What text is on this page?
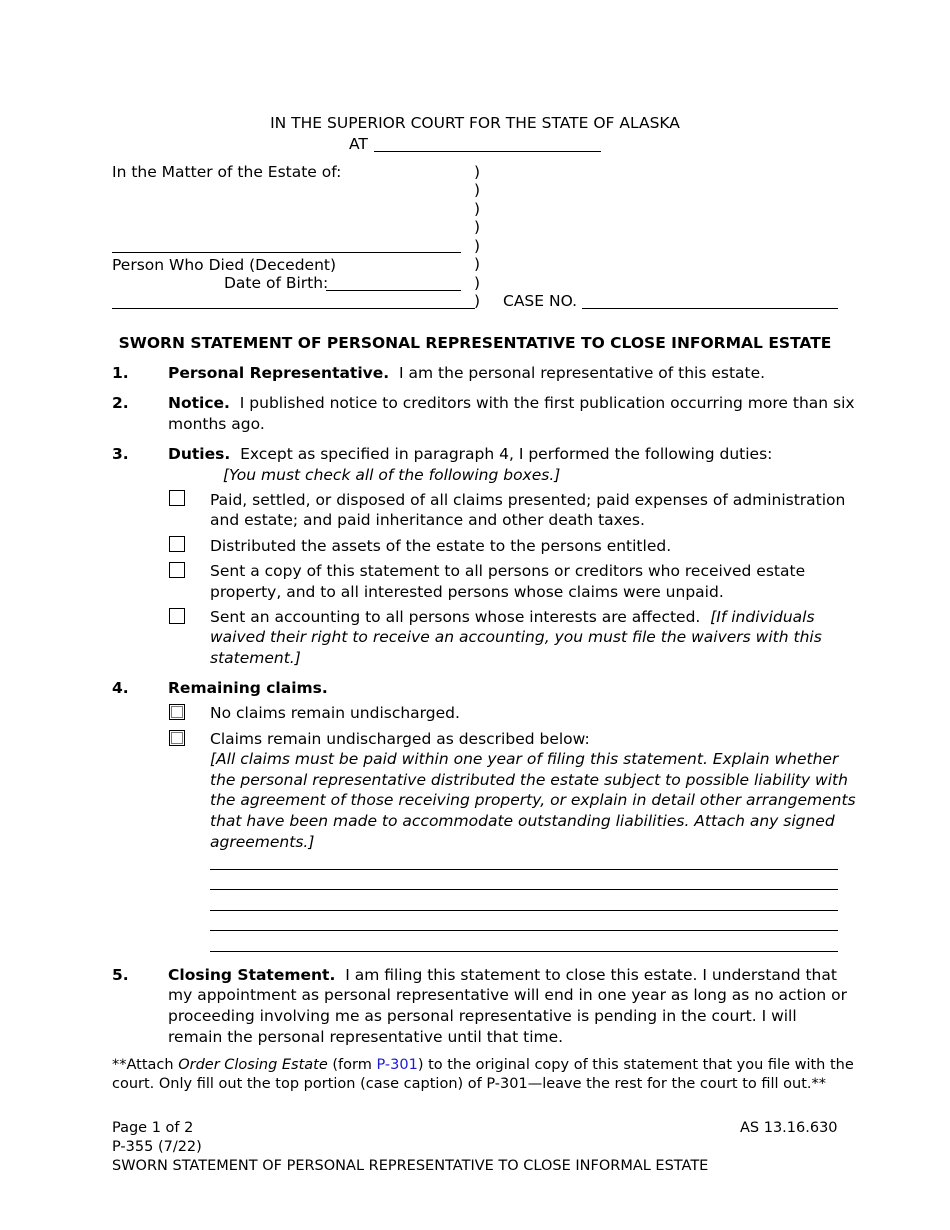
IN THE SUPERIOR COURT FOR THE STATE OF ALASKA
AT
In the Matter of the Estate of:
Person Who Died (Decedent)
Date of Birth:
)
)
)
)
)
)
)
)	CASE NO.
SWORN STATEMENT OF PERSONAL REPRESENTATIVE TO CLOSE INFORMAL ESTATE
1.	Personal Representative. I am the personal representative of this estate.
2.	Notice. I published notice to creditors with the first publication occurring more than six
months ago.
3.	Duties. Except as specified in paragraph 4, I performed the following duties:
[You must check all of the following boxes.]
Paid, settled, or disposed of all claims presented; paid expenses of administration
and estate; and paid inheritance and other death taxes.
Distributed the assets of the estate to the persons entitled.
Sent a copy of this statement to all persons or creditors who received estate
property, and to all interested persons whose claims were unpaid.
Sent an accounting to all persons whose interests are affected. [If individuals
waived their right to receive an accounting, you must file the waivers with this
statement.]
4.	Remaining claims.
No claims remain undischarged.
Claims remain undischarged as described below:
[All claims must be paid within one year of filing this statement. Explain whether
the personal representative distributed the estate subject to possible liability with
the agreement of those receiving property, or explain in detail other arrangements
that have been made to accommodate outstanding liabilities. Attach any signed
agreements.]
5.	Closing Statement. I am filing this statement to close this estate. I understand that
my appointment as personal representative will end in one year as long as no action or
proceeding involving me as personal representative is pending in the court. I will
remain the personal representative until that time.
**Attach Order Closing Estate (form P-301) to the original copy of this statement that you file with the
court. Only fill out the top portion (case caption) of P-301—leave the rest for the court to fill out.**
Page 1 of 2
P-355 (7/22)
SWORN STATEMENT OF PERSONAL REPRESENTATIVE TO CLOSE INFORMAL ESTATE
AS 13.16.630
